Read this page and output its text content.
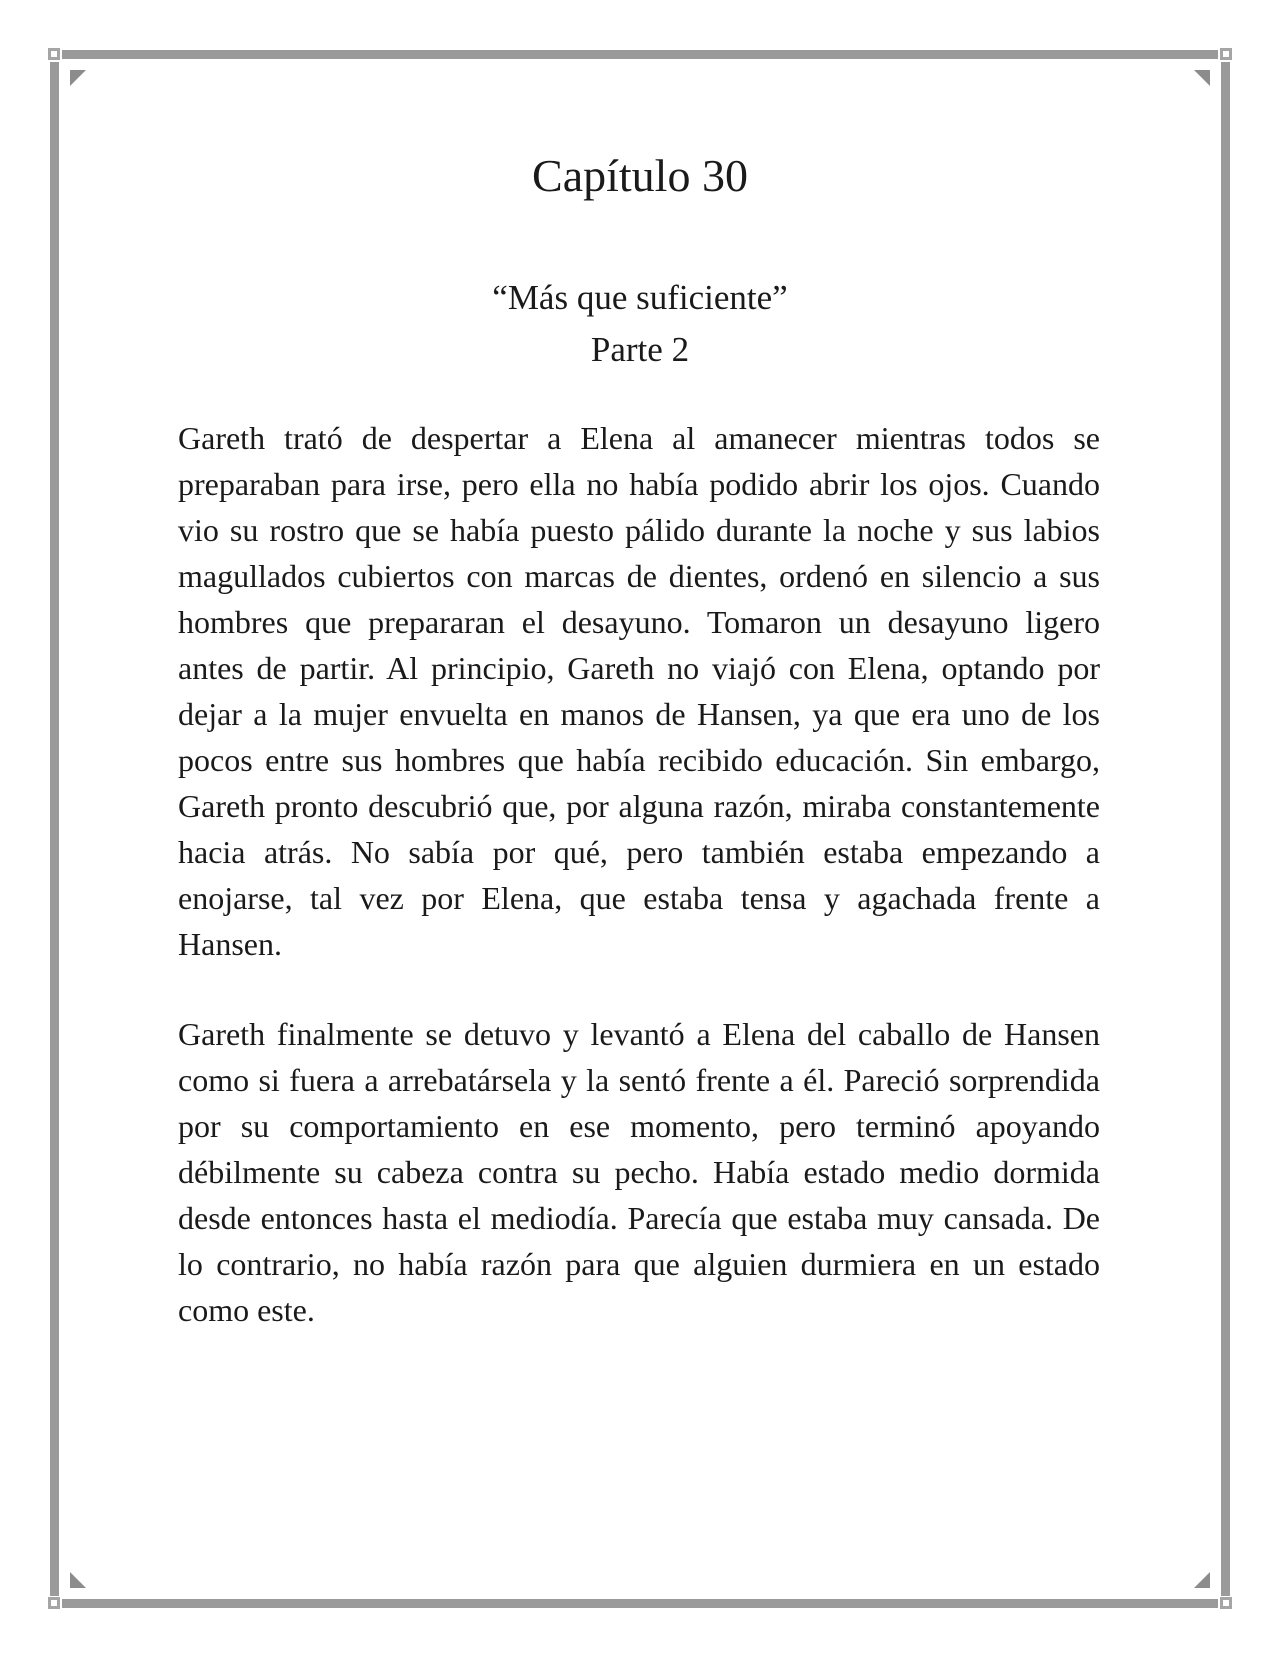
Capítulo 30
“Más que suficiente”
Parte 2

Gareth trató de despertar a Elena al amanecer mientras todos se preparaban para irse, pero ella no había podido abrir los ojos. Cuando vio su rostro que se había puesto pálido durante la noche y sus labios magullados cubiertos con marcas de dientes, ordenó en silencio a sus hombres que prepararan el desayuno. Tomaron un desayuno ligero antes de partir. Al principio, Gareth no viajó con Elena, optando por dejar a la mujer envuelta en manos de Hansen, ya que era uno de los pocos entre sus hombres que había recibido educación. Sin embargo, Gareth pronto descubrió que, por alguna razón, miraba constantemente hacia atrás. No sabía por qué, pero también estaba empezando a enojarse, tal vez por Elena, que estaba tensa y agachada frente a Hansen.

Gareth finalmente se detuvo y levantó a Elena del caballo de Hansen como si fuera a arrebatársela y la sentó frente a él. Pareció sorprendida por su comportamiento en ese momento, pero terminó apoyando débilmente su cabeza contra su pecho. Había estado medio dormida desde entonces hasta el mediodía. Parecía que estaba muy cansada. De lo contrario, no había razón para que alguien durmiera en un estado como este.
